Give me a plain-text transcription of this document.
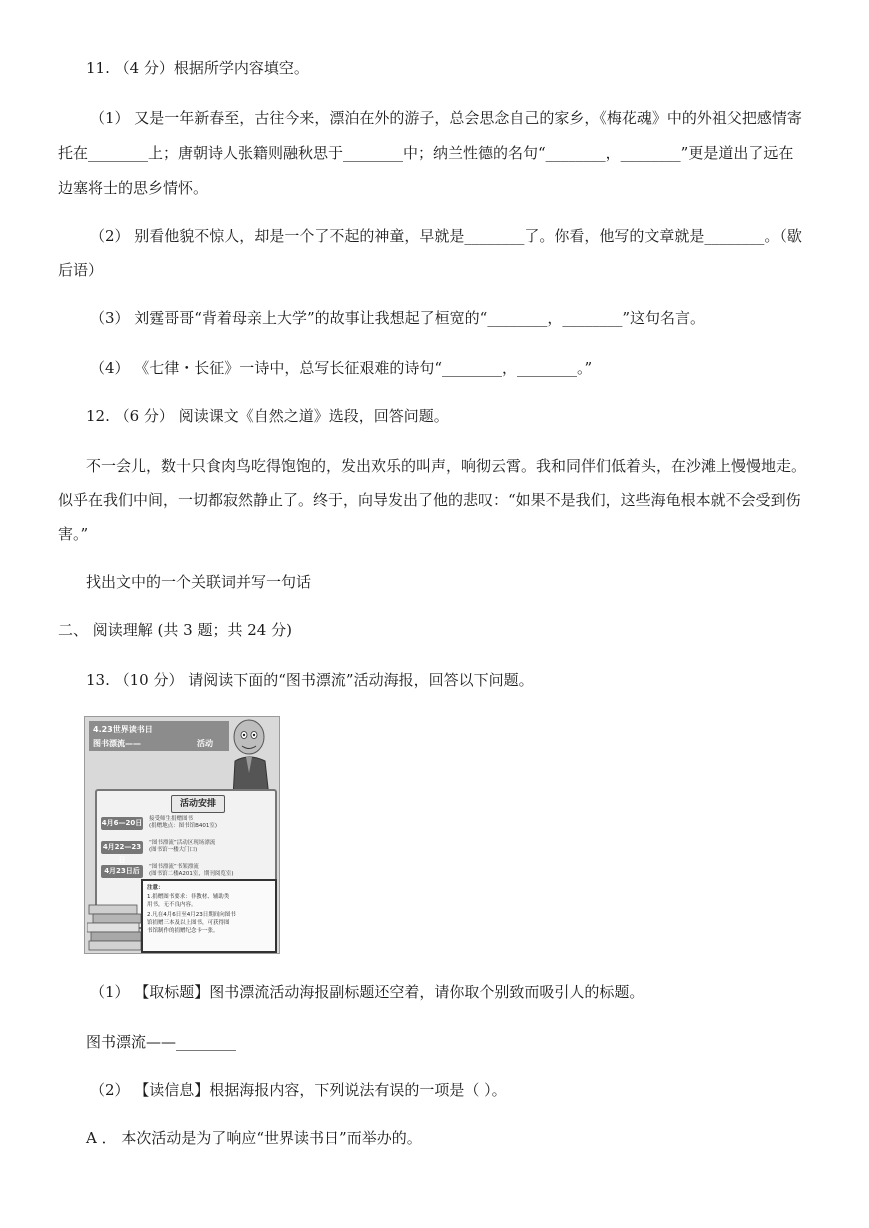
11. （4 分）根据所学内容填空。
（1） 又是一年新春至，古往今来，漂泊在外的游子，总会思念自己的家乡，《梅花魂》中的外祖父把感情寄
托在________上；唐朝诗人张籍则融秋思于________中；纳兰性德的名句“________，________”更是道出了远在
边塞将士的思乡情怀。
（2） 别看他貌不惊人，却是一个了不起的神童，早就是________了。你看，他写的文章就是________。（歇
后语）
（3） 刘霆哥哥“背着母亲上大学”的故事让我想起了桓宽的“________，________”这句名言。
（4） 《七律・长征》一诗中，总写长征艰难的诗句“________，________。”
12. （6 分） 阅读课文《自然之道》选段，回答问题。
不一会儿，数十只食肉鸟吃得饱饱的，发出欢乐的叫声，响彻云霄。我和同伴们低着头，在沙滩上慢慢地走。
似乎在我们中间，一切都寂然静止了。终于，向导发出了他的悲叹：“如果不是我们，这些海龟根本就不会受到伤
害。”
找出文中的一个关联词并写一句话
二、 阅读理解 (共 3 题；共 24 分)
13. （10 分） 请阅读下面的“图书漂流”活动海报，回答以下问题。
4.23世界读书日
图书漂流——	活动
活动安排
4月6—20日 接受师生捐赠图书
(捐赠地点：图书馆B401室)
4月22—23日
“图书漂流”活动区现场漂流
(图书馆一楼大门口)
4月23日后	“图书漂流”书架漂流
(图书馆二楼A201室，期刊阅览室)
注意：
1.捐赠图书要求：非教材、辅助类
用书，无不良内容。
2.凡在4月6日至4月23日期间向图书
馆捐赠三本及以上图书，可获得图
书馆制作的捐赠纪念卡一张。
（1） 【取标题】图书漂流活动海报副标题还空着，请你取个别致而吸引人的标题。
图书漂流——________
（2） 【读信息】根据海报内容，下列说法有误的一项是（ ）。
A ． 本次活动是为了响应“世界读书日”而举办的。
